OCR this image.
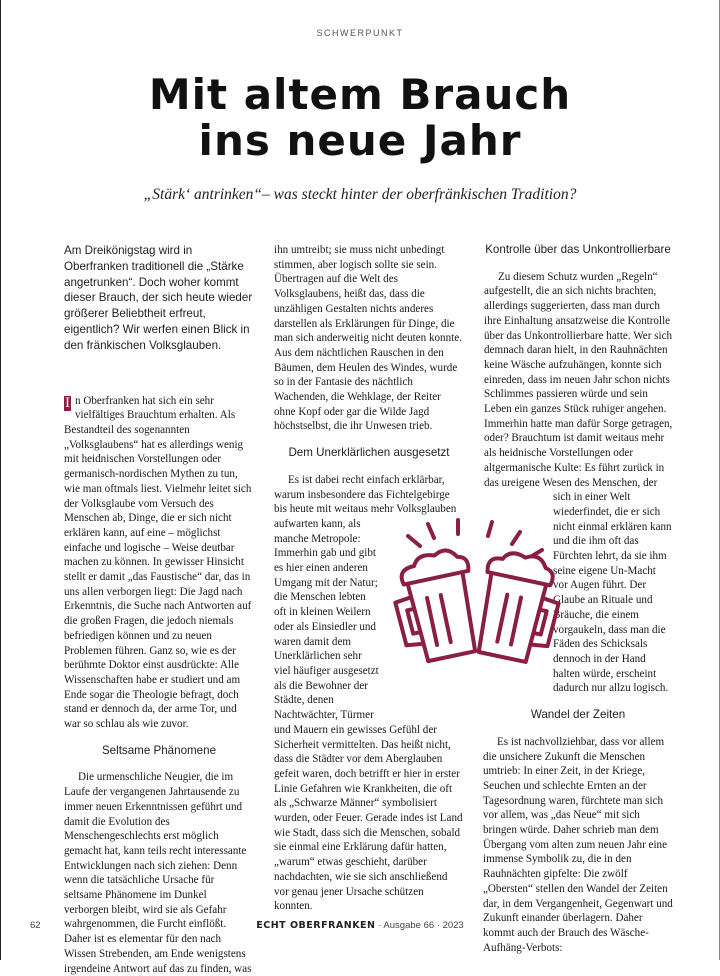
SCHWERPUNKT
Mit altem Brauch
ins neue Jahr
„Stärk‘ antrinken“– was steckt hinter der oberfränkischen Tradition?

Am Dreikönigstag wird in Oberfranken traditionell die „Stärke angetrunken“. Doch woher kommt dieser Brauch, der sich heute wieder größerer Beliebtheit erfreut, eigentlich? Wir werfen einen Blick in den fränkischen Volksglauben.

I n Oberfranken hat sich ein sehr vielfältiges Brauchtum erhalten. Als Bestandteil des sogenannten „Volksglaubens“ hat es allerdings wenig mit heidnischen Vorstellungen oder germanisch-nordischen Mythen zu tun, wie man oftmals liest. Vielmehr leitet sich der Volksglaube vom Versuch des Menschen ab, Dinge, die er sich nicht erklären kann, auf eine – möglichst einfache und logische – Weise deutbar machen zu können. In gewisser Hinsicht stellt er damit „das Faustische“ dar, das in uns allen verborgen liegt: Die Jagd nach Erkenntnis, die Suche nach Antworten auf die großen Fragen, die jedoch niemals befriedigen können und zu neuen Problemen führen. Ganz so, wie es der berühmte Doktor einst ausdrückte: Alle Wissenschaften habe er studiert und am Ende sogar die Theologie befragt, doch stand er dennoch da, der arme Tor, und war so schlau als wie zuvor.

Seltsame Phänomene

Die urmenschliche Neugier, die im Laufe der vergangenen Jahrtausende zu immer neuen Erkenntnissen geführt und damit die Evolution des Menschengeschlechts erst möglich gemacht hat, kann teils recht interessante Entwicklungen nach sich ziehen: Denn wenn die tatsächliche Ursache für seltsame Phänomene im Dunkel verborgen bleibt, wird sie als Gefahr wahrgenommen, die Furcht einflößt. Daher ist es elementar für den nach Wissen Strebenden, am Ende wenigstens irgendeine Antwort auf das zu finden, was

ihn umtreibt; sie muss nicht unbedingt stimmen, aber logisch sollte sie sein. Übertragen auf die Welt des Volksglaubens, heißt das, dass die unzähligen Gestalten nichts anderes darstellen als Erklärungen für Dinge, die man sich anderweitig nicht deuten konnte. Aus dem nächtlichen Rauschen in den Bäumen, dem Heulen des Windes, wurde so in der Fantasie des nächtlich Wachenden, die Wehklage, der Reiter ohne Kopf oder gar die Wilde Jagd höchstselbst, die ihr Unwesen trieb.

Dem Unerklärlichen ausgesetzt

Es ist dabei recht einfach erklärbar, warum insbesondere das Fichtelgebirge bis heute mit weitaus mehr Volksglauben aufwarten kann, als manche Metropole: Immerhin gab und gibt es hier einen anderen Umgang mit der Natur; die Menschen lebten oft in kleinen Weilern oder als Einsiedler und waren damit dem Unerklärlichen sehr viel häufiger ausgesetzt als die Bewohner der Städte, denen Nachtwächter, Türmer und Mauern ein gewisses Gefühl der Sicherheit vermittelten. Das heißt nicht, dass die Städter vor dem Aberglauben gefeit waren, doch betrifft er hier in erster Linie Gefahren wie Krankheiten, die oft als „Schwarze Männer“ symbolisiert wurden, oder Feuer. Gerade indes ist Land wie Stadt, dass sich die Menschen, sobald sie einmal eine Erklärung dafür hatten, „warum“ etwas geschieht, darüber nachdachten, wie sie sich anschließend vor genau jener Ursache schützen konnten.

Kontrolle über das Unkontrollierbare

Zu diesem Schutz wurden „Regeln“ aufgestellt, die an sich nichts brachten, allerdings suggerierten, dass man durch ihre Einhaltung ansatzweise die Kontrolle über das Unkontrollierbare hatte. Wer sich demnach daran hielt, in den Rauhnächten keine Wäsche aufzuhängen, konnte sich einreden, dass im neuen Jahr schon nichts Schlimmes passieren würde und sein Leben ein ganzes Stück ruhiger angehen. Immerhin hatte man dafür Sorge getragen, oder? Brauchtum ist damit weitaus mehr als heidnische Vorstellungen oder altgermanische Kulte: Es führt zurück in das ureigene Wesen des Menschen, der sich in einer Welt wiederfindet, die er sich nicht einmal erklären kann und die ihm oft das Fürchten lehrt, da sie ihm seine eigene Un-Macht vor Augen führt. Der Glaube an Rituale und Bräuche, die einem vorgaukeln, dass man die Fäden des Schicksals dennoch in der Hand halten würde, erscheint dadurch nur allzu logisch.

Wandel der Zeiten

Es ist nachvollziehbar, dass vor allem die unsichere Zukunft die Menschen umtrieb: In einer Zeit, in der Kriege, Seuchen und schlechte Ernten an der Tagesordnung waren, fürchtete man sich vor allem, was „das Neue“ mit sich bringen würde. Daher schrieb man dem Übergang vom alten zum neuen Jahr eine immense Symbolik zu, die in den Rauhnächten gipfelte: Die zwölf „Obersten“ stellen den Wandel der Zeiten dar, in dem Vergangenheit, Gegenwart und Zukunft einander überlagern. Daher kommt auch der Brauch des Wäsche-Aufhäng-Verbots:

62	ECHT OBERFRANKEN · Ausgabe 66 · 2023
